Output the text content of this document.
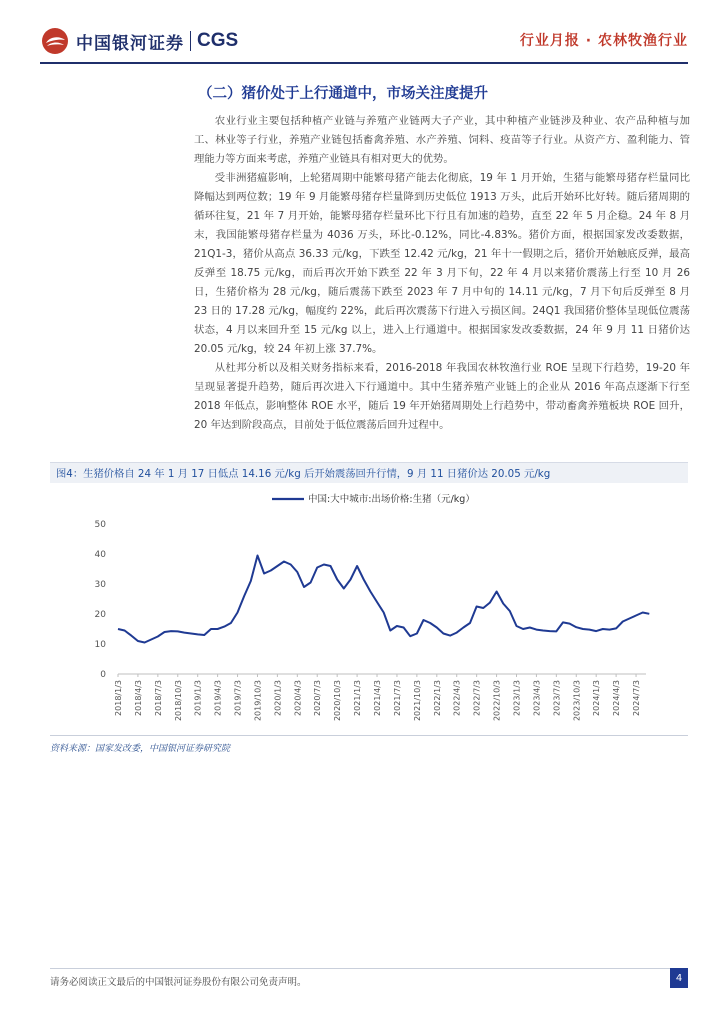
中国银河证券 CGS	行业月报 · 农林牧渔行业
（二）猪价处于上行通道中，市场关注度提升

农业行业主要包括种植产业链与养殖产业链两大子产业，其中种植产业链涉及种业、农产品种植与加工、林业等子行业，养殖产业链包括畜禽养殖、水产养殖、饲料、疫苗等子行业。从资产方、盈利能力、管理能力等方面来考虑，养殖产业链具有相对更大的优势。

受非洲猪瘟影响，上轮猪周期中能繁母猪产能去化彻底，19 年 1 月开始，生猪与能繁母猪存栏量同比降幅达到两位数；19 年 9 月能繁母猪存栏量降到历史低位 1913 万头，此后开始环比好转。随后猪周期的循环往复，21 年 7 月开始，能繁母猪存栏量环比下行且有加速的趋势，直至 22 年 5 月企稳。24 年 8 月末，我国能繁母猪存栏量为 4036 万头，环比-0.12%，同比-4.83%。猪价方面，根据国家发改委数据，21Q1-3，猪价从高点 36.33 元/kg，下跌至 12.42 元/kg，21 年十一假期之后，猪价开始触底反弹，最高反弹至 18.75 元/kg，而后再次开始下跌至 22 年 3 月下旬，22 年 4 月以来猪价震荡上行至 10 月 26 日，生猪价格为 28 元/kg，随后震荡下跌至 2023 年 7 月中旬的 14.11 元/kg，7 月下旬后反弹至 8 月 23 日的 17.28 元/kg，幅度约 22%，此后再次震荡下行进入亏损区间。24Q1 我国猪价整体呈现低位震荡状态，4 月以来回升至 15 元/kg 以上，进入上行通道中。根据国家发改委数据，24 年 9 月 11 日猪价达 20.05 元/kg，较 24 年初上涨 37.7%。

从杜邦分析以及相关财务指标来看，2016-2018 年我国农林牧渔行业 ROE 呈现下行趋势，19-20 年呈现显著提升趋势，随后再次进入下行通道中。其中生猪养殖产业链上的企业从 2016 年高点逐渐下行至 2018 年低点，影响整体 ROE 水平，随后 19 年开始猪周期处上行趋势中，带动畜禽养殖板块 ROE 回升，20 年达到阶段高点，目前处于低位震荡后回升过程中。

图4：生猪价格自 24 年 1 月 17 日低点 14.16 元/kg 后开始震荡回升行情，9 月 11 日猪价达 20.05 元/kg
中国:大中城市:出场价格:生猪（元/kg）
0
10
20
30
40
50
2018/1/3 2018/4/3 2018/7/3 2018/10/3 2019/1/3 2019/4/3 2019/7/3 2019/10/3 2020/1/3 2020/4/3 2020/7/3 2020/10/3 2021/1/3 2021/4/3 2021/7/3 2021/10/3 2022/1/3 2022/4/3 2022/7/3 2022/10/3 2023/1/3 2023/4/3 2023/7/3 2023/10/3 2024/1/3 2024/4/3 2024/7/3
资料来源：国家发改委，中国银河证券研究院
请务必阅读正文最后的中国银河证券股份有限公司免责声明。	4
